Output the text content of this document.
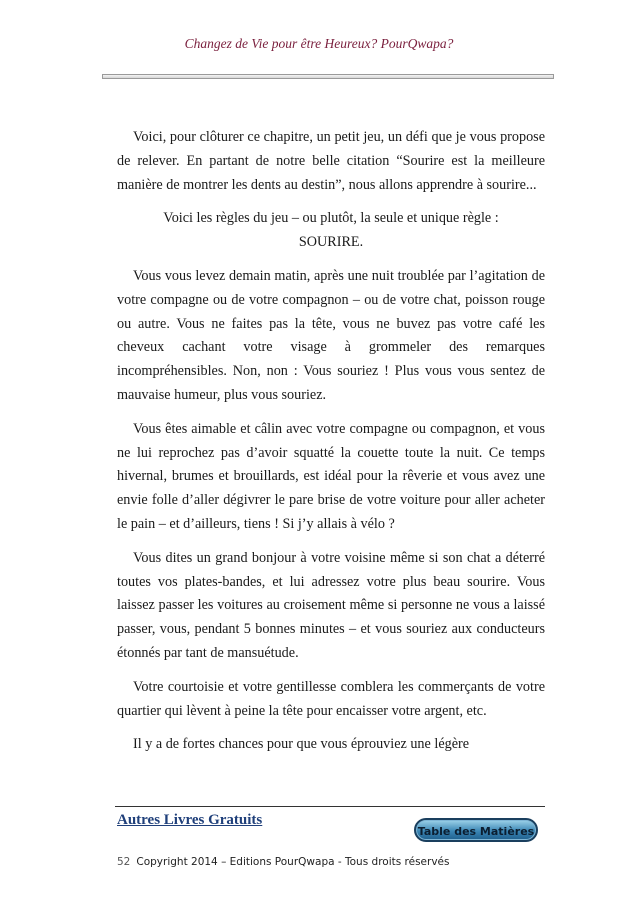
Changez de Vie pour être Heureux? PourQwapa?

Voici, pour clôturer ce chapitre, un petit jeu, un défi que je vous propose de relever. En partant de notre belle citation “Sourire est la meilleure manière de montrer les dents au destin”, nous allons apprendre à sourire...

Voici les règles du jeu – ou plutôt, la seule et unique règle :
SOURIRE.

Vous vous levez demain matin, après une nuit troublée par l’agitation de votre compagne ou de votre compagnon – ou de votre chat, poisson rouge ou autre. Vous ne faites pas la tête, vous ne buvez pas votre café les cheveux cachant votre visage à grommeler des remarques incompréhensibles. Non, non : Vous souriez ! Plus vous vous sentez de mauvaise humeur, plus vous souriez.

Vous êtes aimable et câlin avec votre compagne ou compagnon, et vous ne lui reprochez pas d’avoir squatté la couette toute la nuit. Ce temps hivernal, brumes et brouillards, est idéal pour la rêverie et vous avez une envie folle d’aller dégivrer le pare brise de votre voiture pour aller acheter le pain – et d’ailleurs, tiens ! Si j’y allais à vélo ?

Vous dites un grand bonjour à votre voisine même si son chat a déterré toutes vos plates-bandes, et lui adressez votre plus beau sourire. Vous laissez passer les voitures au croisement même si personne ne vous a laissé passer, vous, pendant 5 bonnes minutes – et vous souriez aux conducteurs étonnés par tant de mansuétude.

Votre courtoisie et votre gentillesse comblera les commerçants de votre quartier qui lèvent à peine la tête pour encaisser votre argent, etc.

Il y a de fortes chances pour que vous éprouviez une légère

Autres Livres Gratuits
Table des Matières
52 Copyright 2014 – Editions PourQwapa - Tous droits réservés
